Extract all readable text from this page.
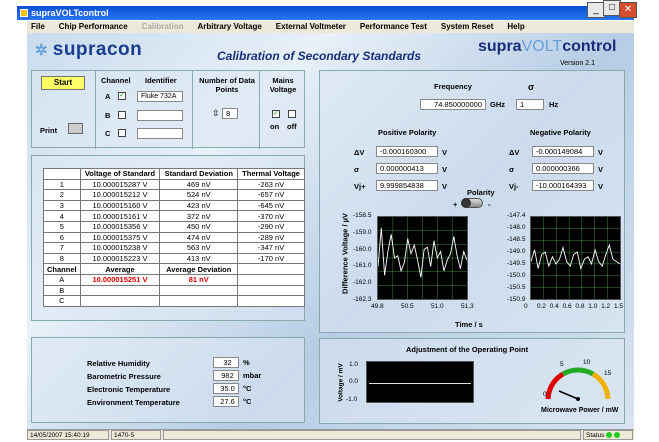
supraVOLTcontrol	_	□ ✕
File Chip Performance Calibration Arbitrary Voltage External Voltmeter Performance Test System Reset Help
✲ supracon	Calibration of Secondary Standards
supraVOLTcontrol
Version 2.1
Start
Print
Channel Identifier
A ✓	Fluke 732A
B
C
Number of Data Points
⇳ 8
Mains Voltage
✓
on off
	Voltage of Standard	Standard Deviation	Thermal Voltage
1	10.000015287 V	469 nV	-263 nV
2	10.000015212 V	524 nV	-657 nV
3	10.000015160 V	423 nV	-645 nV
4	10.000015161 V	372 nV	-370 nV
5	10.000015356 V	450 nV	-290 nV
6	10.000015375 V	474 nV	-289 nV
7	10.000015238 V	563 nV	-347 nV
8	10.000015223 V	413 nV	-170 nV
Channel	Average	Average Deviation	
A	10.000015251 V	81 nV	
B			
C			
Relative Humidity	32	%
Barometric Pressure	982	mbar
Electronic Temperature	35.0	°C
Environment Temperature	27.6	°C
Frequency
74.850000000	GHz
σ
1	Hz
Positive Polarity	Negative Polarity
ΔV	-0.000160300	V
σ	0.000000413	V
Vj+	9.999854838	V
ΔV	-0.000149084	V
σ	0.000000366	V
Vj-	-10.000164393	V
Polarity
+	-
Difference Voltage / µV
Time / s
-158.5
-159.0
-160.0
-161.0
-162.0
-162.3
49.8	50.5	51.0	51.3
-147.4
-148.0
-148.5
-149.0
-149.5
-150.0
-150.5
-150.9
0 0.2 0.4 0.6 0.8 1.0 1.2 1.5
Adjustment of the Operating Point
Voltage / mV 1.0
0.0
-1.0
0
5	10
15
Microwave Power / mW
14/05/2007 15:40:19	1470-5	Status
